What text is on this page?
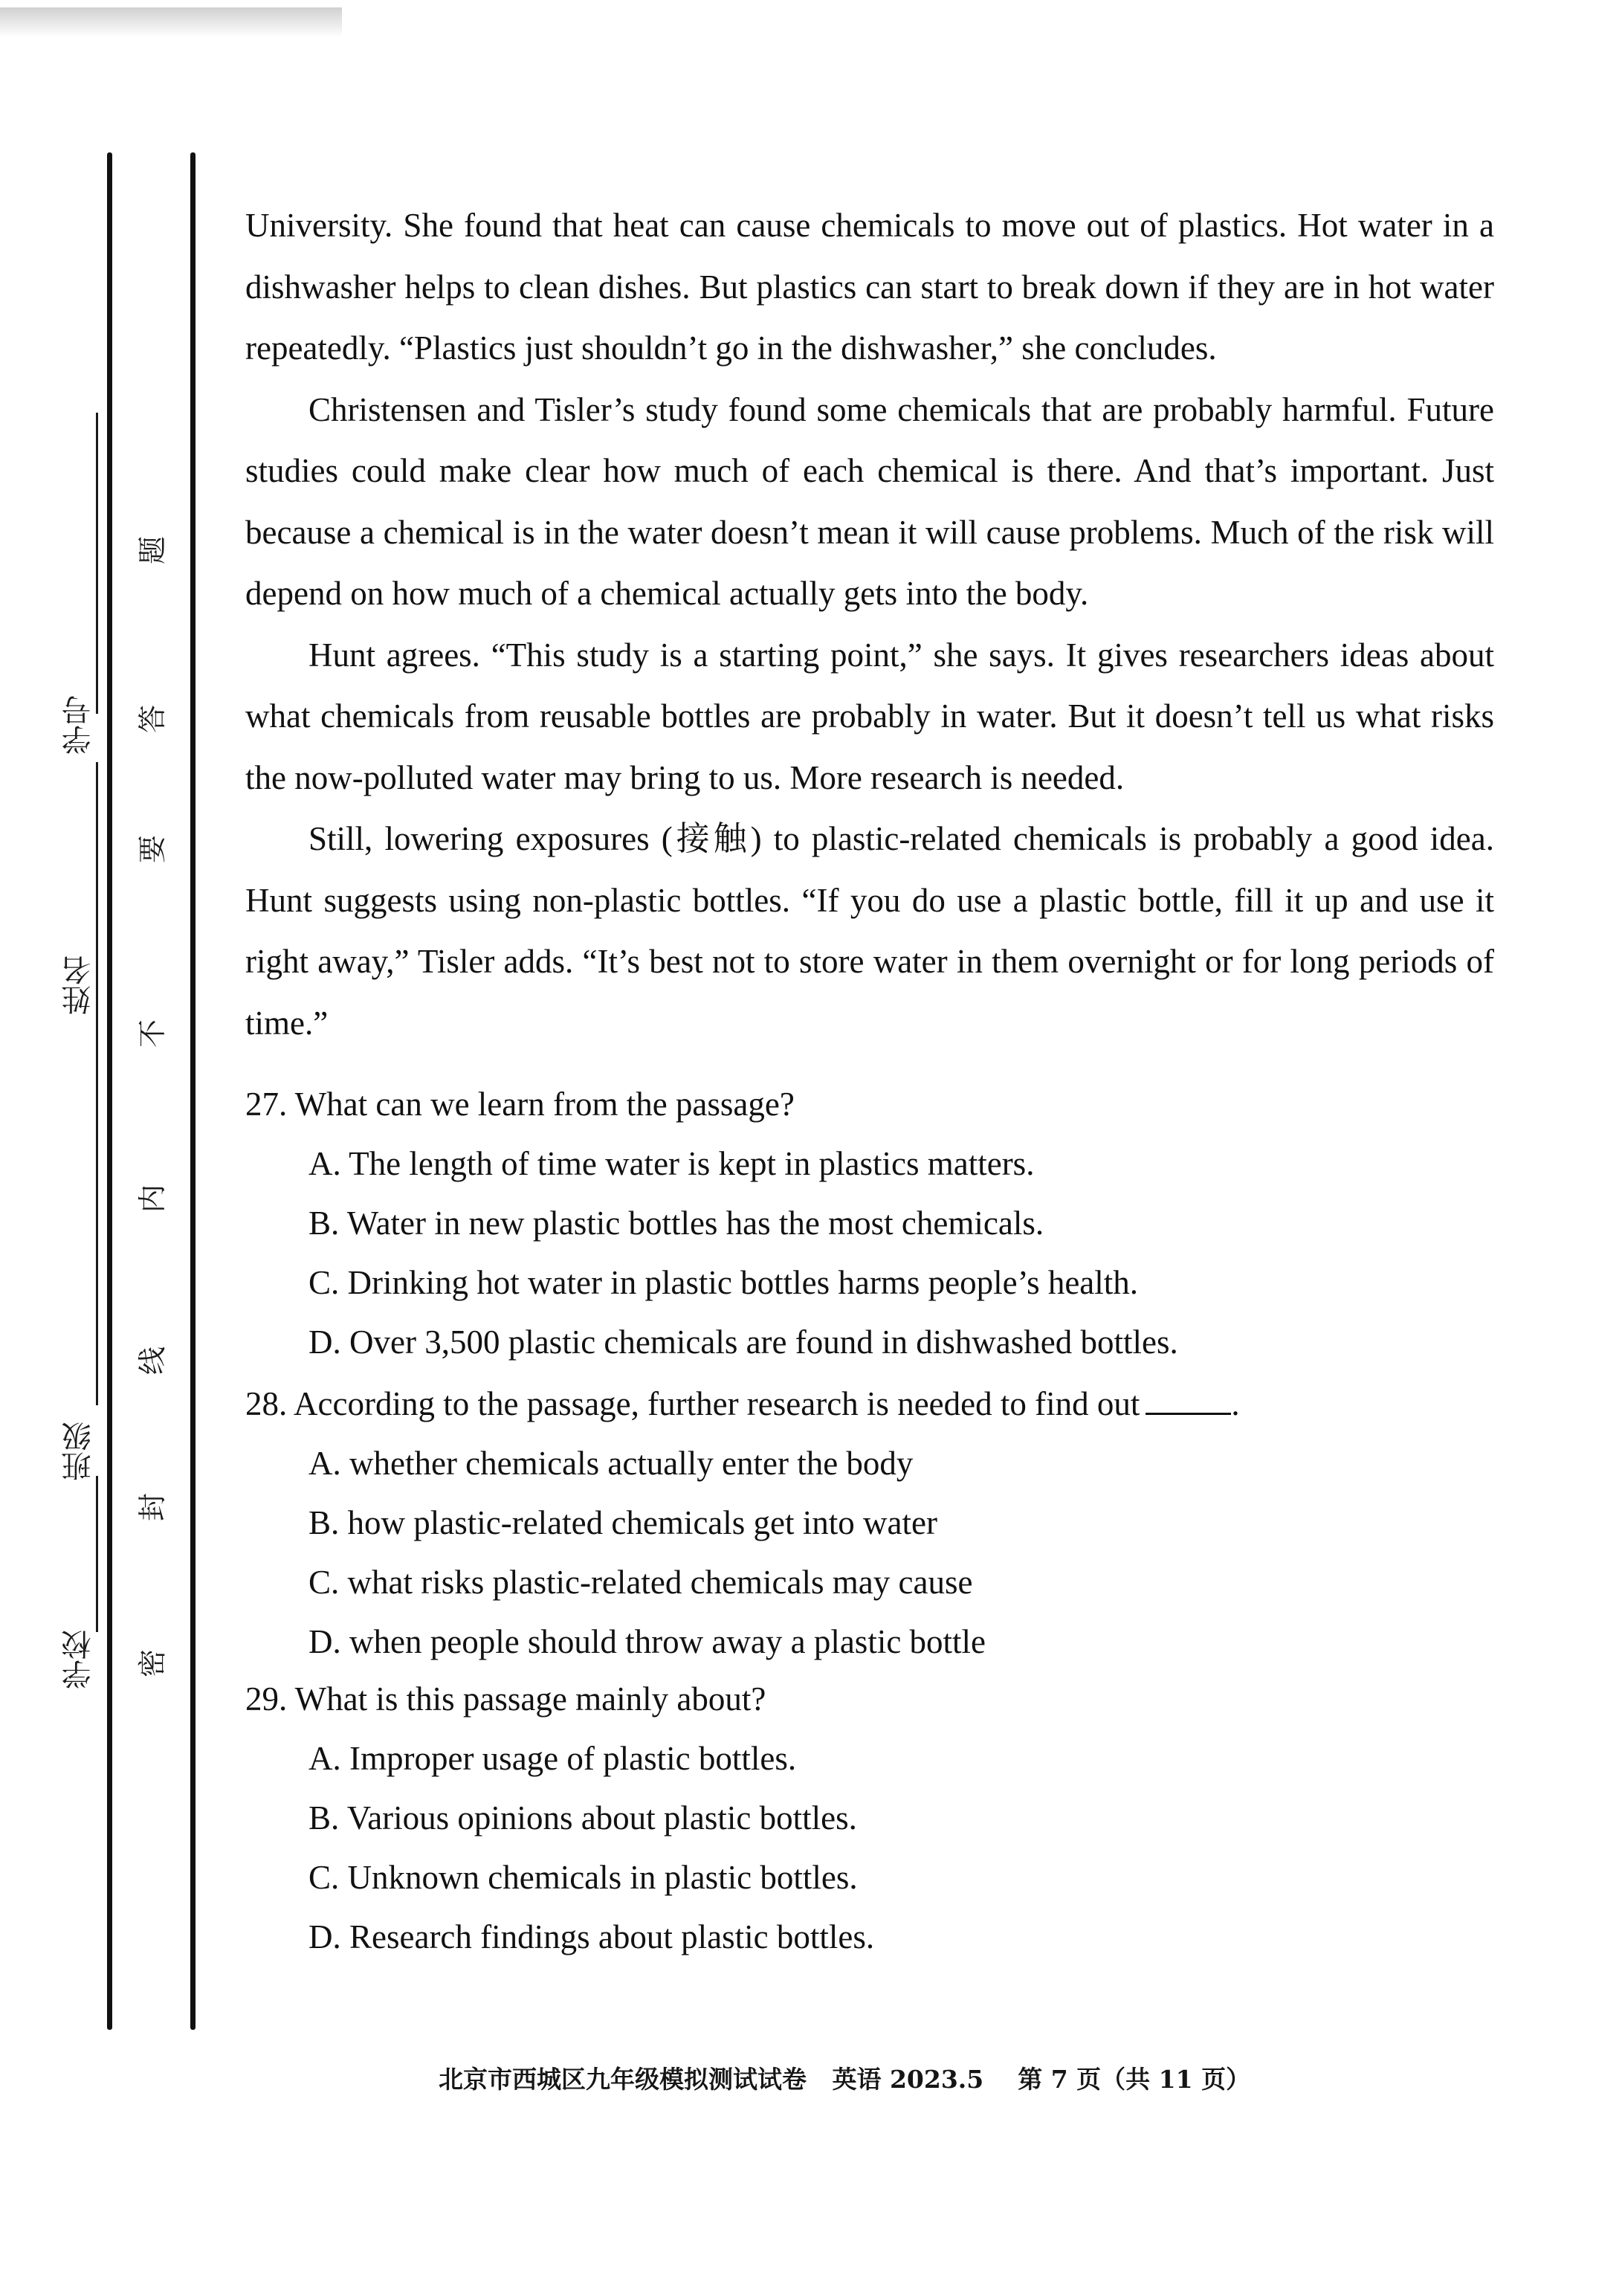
学号
姓名
班级
学校
题
答
要
不
内
线
封
密

University. She found that heat can cause chemicals to move out of plastics. Hot water in a dishwasher helps to clean dishes. But plastics can start to break down if they are in hot water repeatedly. “Plastics just shouldn’t go in the dishwasher,” she concludes.

Christensen and Tisler’s study found some chemicals that are probably harmful. Future studies could make clear how much of each chemical is there. And that’s important. Just because a chemical is in the water doesn’t mean it will cause problems. Much of the risk will depend on how much of a chemical actually gets into the body.

Hunt agrees. “This study is a starting point,” she says. It gives researchers ideas about what chemicals from reusable bottles are probably in water. But it doesn’t tell us what risks the now-polluted water may bring to us. More research is needed.

Still, lowering exposures (接触) to plastic-related chemicals is probably a good idea. Hunt suggests using non-plastic bottles. “If you do use a plastic bottle, fill it up and use it right away,” Tisler adds. “It’s best not to store water in them overnight or for long periods of time.”

27. What can we learn from the passage?

A. The length of time water is kept in plastics matters.

B. Water in new plastic bottles has the most chemicals.

C. Drinking hot water in plastic bottles harms people’s health.

D. Over 3,500 plastic chemicals are found in dishwashed bottles.

28. According to the passage, further research is needed to find out	.

A. whether chemicals actually enter the body

B. how plastic-related chemicals get into water

C. what risks plastic-related chemicals may cause

D. when people should throw away a plastic bottle

29. What is this passage mainly about?

A. Improper usage of plastic bottles.

B. Various opinions about plastic bottles.

C. Unknown chemicals in plastic bottles.

D. Research findings about plastic bottles.

北京市西城区九年级模拟测试试卷 英语 2023.5 第 7 页（共 11 页）
